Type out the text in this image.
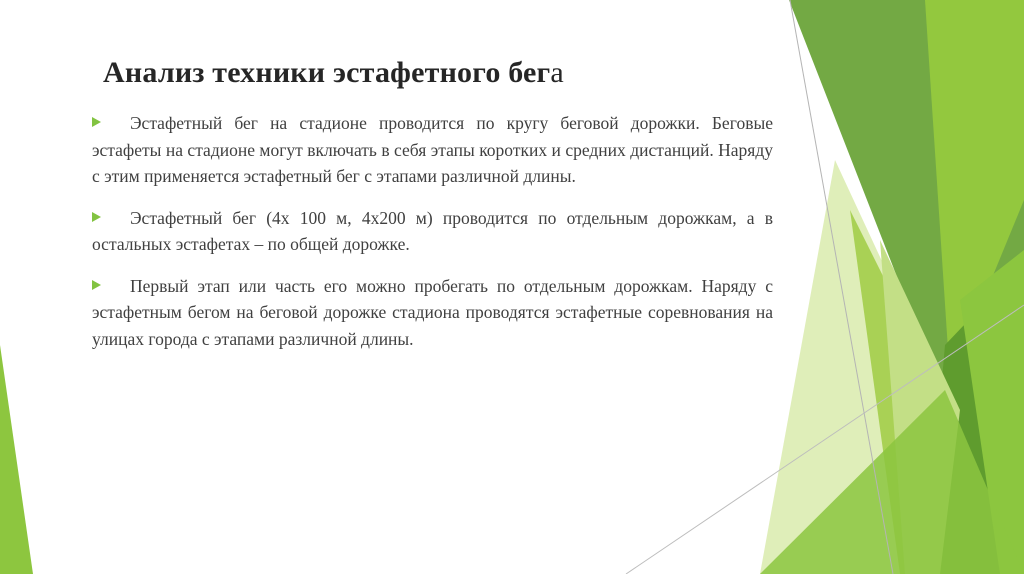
Анализ техники эстафетного бега

Эстафетный бег на стадионе проводится по кругу беговой дорожки. Беговые эстафеты на стадионе могут включать в себя этапы коротких и средних дистанций. Наряду с этим применяется эстафетный бег с этапами различной длины.

Эстафетный бег (4х 100 м, 4х200 м) проводится по отдельным дорожкам, а в остальных эстафетах – по общей дорожке.

Первый этап или часть его можно пробегать по отдельным дорожкам. Наряду с эстафетным бегом на беговой дорожке стадиона проводятся эстафетные соревнования на улицах города с этапами различной длины.
